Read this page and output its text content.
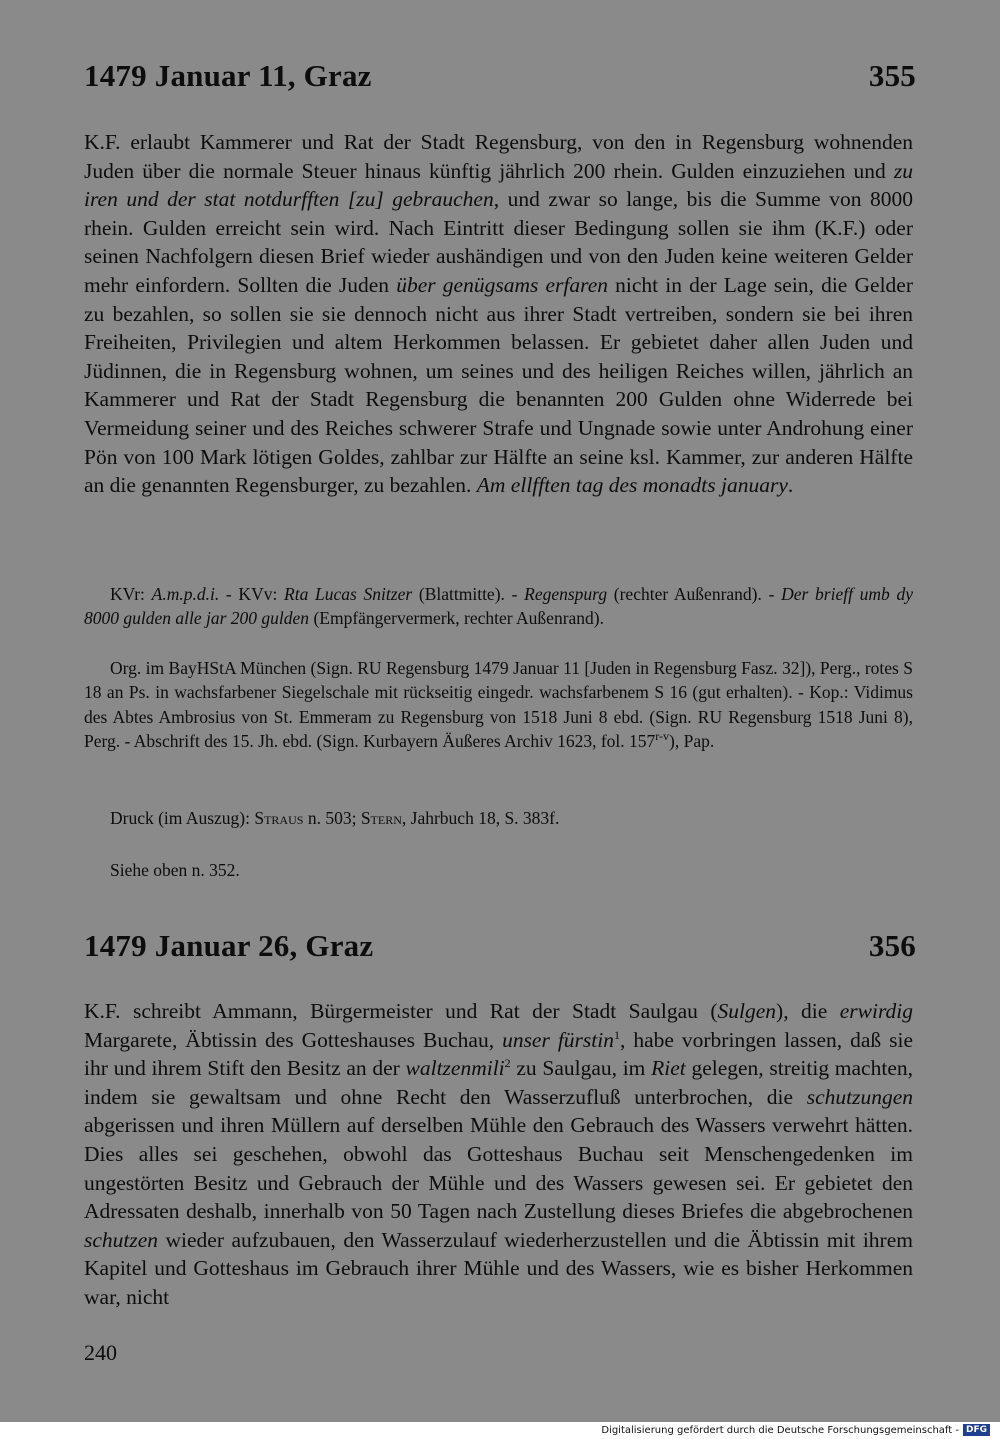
1479 Januar 11, Graz	355
K.F. erlaubt Kammerer und Rat der Stadt Regensburg, von den in Regensburg wohnenden Juden über die normale Steuer hinaus künftig jährlich 200 rhein. Gulden einzuziehen und zu iren und der stat notdurfften [zu] gebrauchen, und zwar so lange, bis die Summe von 8000 rhein. Gulden erreicht sein wird. Nach Eintritt dieser Bedingung sollen sie ihm (K.F.) oder seinen Nachfolgern diesen Brief wieder aushändigen und von den Juden keine weiteren Gelder mehr einfordern. Sollten die Juden über genügsams erfaren nicht in der Lage sein, die Gelder zu bezahlen, so sollen sie sie dennoch nicht aus ihrer Stadt vertreiben, sondern sie bei ihren Freiheiten, Privilegien und altem Herkommen belassen. Er gebietet daher allen Juden und Jüdinnen, die in Regensburg wohnen, um seines und des heiligen Reiches willen, jährlich an Kammerer und Rat der Stadt Regensburg die benannten 200 Gulden ohne Widerrede bei Vermeidung seiner und des Reiches schwerer Strafe und Ungnade sowie unter Androhung einer Pön von 100 Mark lötigen Goldes, zahlbar zur Hälfte an seine ksl. Kammer, zur anderen Hälfte an die genannten Regensburger, zu bezahlen. Am ellfften tag des monadts january.
KVr: A.m.p.d.i. - KVv: Rta Lucas Snitzer (Blattmitte). - Regenspurg (rechter Außenrand). - Der brieff umb dy 8000 gulden alle jar 200 gulden (Empfängervermerk, rechter Außenrand).
Org. im BayHStA München (Sign. RU Regensburg 1479 Januar 11 [Juden in Regensburg Fasz. 32]), Perg., rotes S 18 an Ps. in wachsfarbener Siegelschale mit rückseitig eingedr. wachsfarbenem S 16 (gut erhalten). - Kop.: Vidimus des Abtes Ambrosius von St. Emmeram zu Regensburg von 1518 Juni 8 ebd. (Sign. RU Regensburg 1518 Juni 8), Perg. - Abschrift des 15. Jh. ebd. (Sign. Kurbayern Äußeres Archiv 1623, fol. 157$^{r-v}$), Pap.
Druck (im Auszug): Straus n. 503; Stern, Jahrbuch 18, S. 383f.
Siehe oben n. 352.
1479 Januar 26, Graz	356
K.F. schreibt Ammann, Bürgermeister und Rat der Stadt Saulgau (Sulgen), die erwirdig Margarete, Äbtissin des Gotteshauses Buchau, unser fürstin$^1$, habe vorbringen lassen, daß sie ihr und ihrem Stift den Besitz an der waltzenmili$^2$ zu Saulgau, im Riet gelegen, streitig machten, indem sie gewaltsam und ohne Recht den Wasserzufluß unterbrochen, die schutzungen abgerissen und ihren Müllern auf derselben Mühle den Gebrauch des Wassers verwehrt hätten. Dies alles sei geschehen, obwohl das Gotteshaus Buchau seit Menschengedenken im ungestörten Besitz und Gebrauch der Mühle und des Wassers gewesen sei. Er gebietet den Adressaten deshalb, innerhalb von 50 Tagen nach Zustellung dieses Briefes die abgebrochenen schutzen wieder aufzubauen, den Wasserzulauf wiederherzustellen und die Äbtissin mit ihrem Kapitel und Gotteshaus im Gebrauch ihrer Mühle und des Wassers, wie es bisher Herkommen war, nicht
240
Digitalisierung gefördert durch die Deutsche Forschungsgemeinschaft - DFG
